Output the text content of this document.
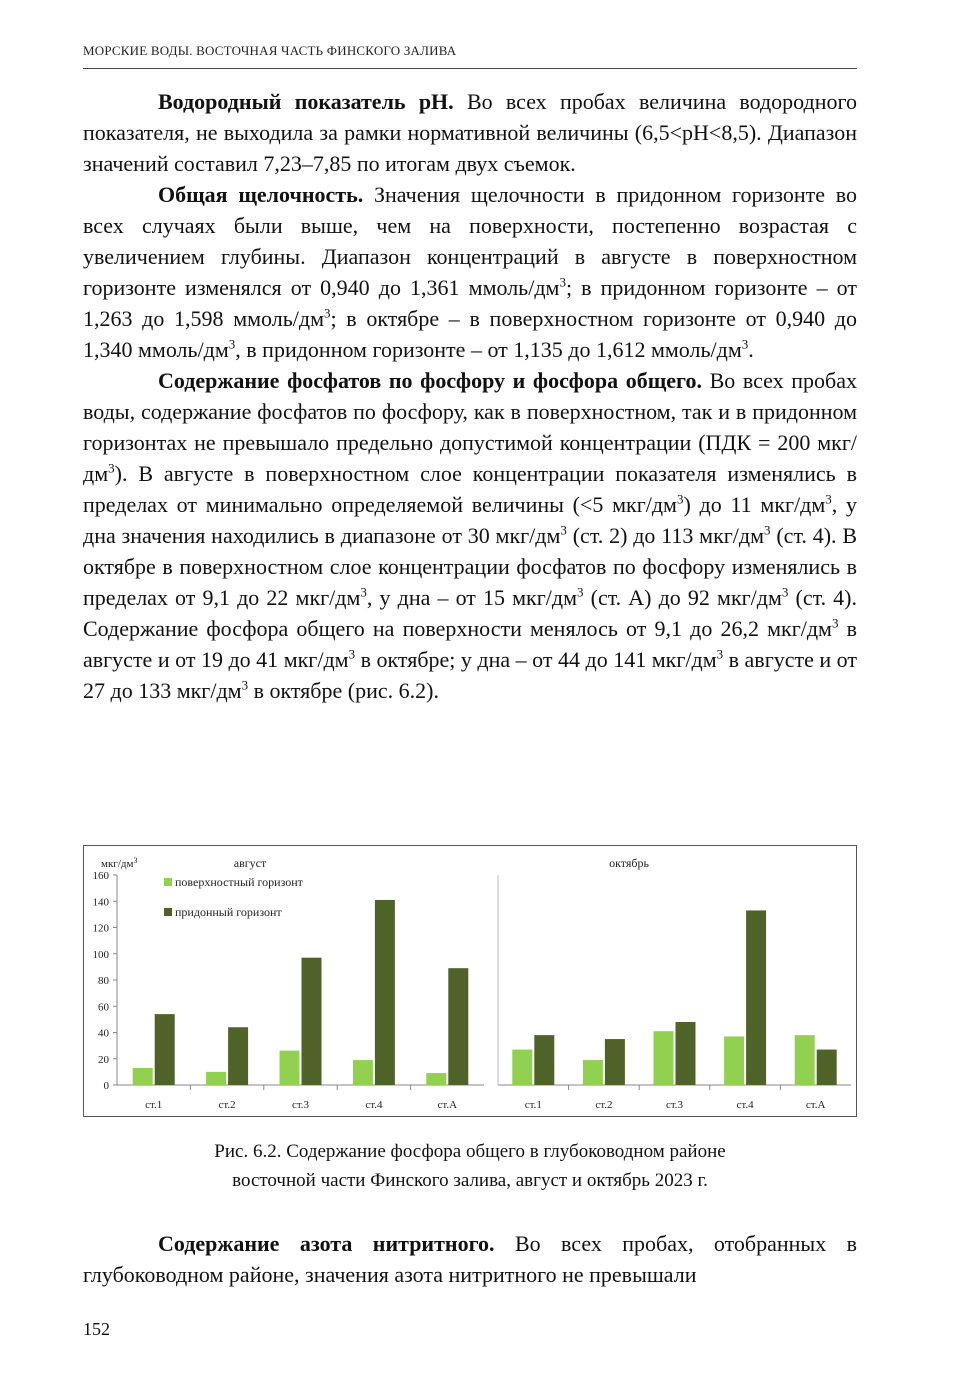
МОРСКИЕ ВОДЫ. ВОСТОЧНАЯ ЧАСТЬ ФИНСКОГО ЗАЛИВА

Водородный показатель рН. Во всех пробах величина водородного показателя, не выходила за рамки нормативной величины (6,5<рН<8,5). Диапазон значений составил 7,23–7,85 по итогам двух съемок.

Общая щелочность. Значения щелочности в придонном горизонте во всех случаях были выше, чем на поверхности, постепенно возрастая с увеличением глубины. Диапазон концентраций в августе в поверхностном горизонте изменялся от 0,940 до 1,361 ммоль/$дм^3$; в придонном горизонте – от 1,263 до 1,598 ммоль/$дм^3$; в октябре – в поверхностном горизонте от 0,940 до 1,340 ммоль/$дм^3$, в придонном горизонте – от 1,135 до 1,612 ммоль/$дм^3$.

Содержание фосфатов по фосфору и фосфора общего. Во всех пробах воды, содержание фосфатов по фосфору, как в поверхностном, так и в придонном горизонтах не превышало предельно допустимой концентрации (ПДК = 200 мкг/$дм^3$). В августе в поверхностном слое концентрации показателя изменялись в пределах от минимально определяемой величины (<5 мкг/$дм^3$) до 11 мкг/$дм^3$, у дна значения находились в диапазоне от 30 мкг/$дм^3$ (ст. 2) до 113 мкг/$дм^3$ (ст. 4). В октябре в поверхностном слое концентрации фосфатов по фосфору изменялись в пределах от 9,1 до 22 мкг/$дм^3$, у дна – от 15 мкг/$дм^3$ (ст. А) до 92 мкг/$дм^3$ (ст. 4). Содержание фосфора общего на поверхности менялось от 9,1 до 26,2 мкг/$дм^3$ в августе и от 19 до 41 мкг/$дм^3$ в октябре; у дна – от 44 до 141 мкг/$дм^3$ в августе и от 27 до 133 мкг/$дм^3$ в октябре (рис. 6.2).

0
20
40
60
80
100
120
140
160
мкг/$дм^3$	август
ст.1	ст.2	ст.3	ст.4	ст.А
октябрь
ст.1	ст.2	ст.3	ст.4	ст.А
поверхностный горизонт
придонный горизонт
Рис. 6.2. Содержание фосфора общего в глубоководном районе
восточной части Финского залива, август и октябрь 2023 г.

Содержание азота нитритного. Во всех пробах, отобранных в глубоководном районе, значения азота нитритного не превышали

152
